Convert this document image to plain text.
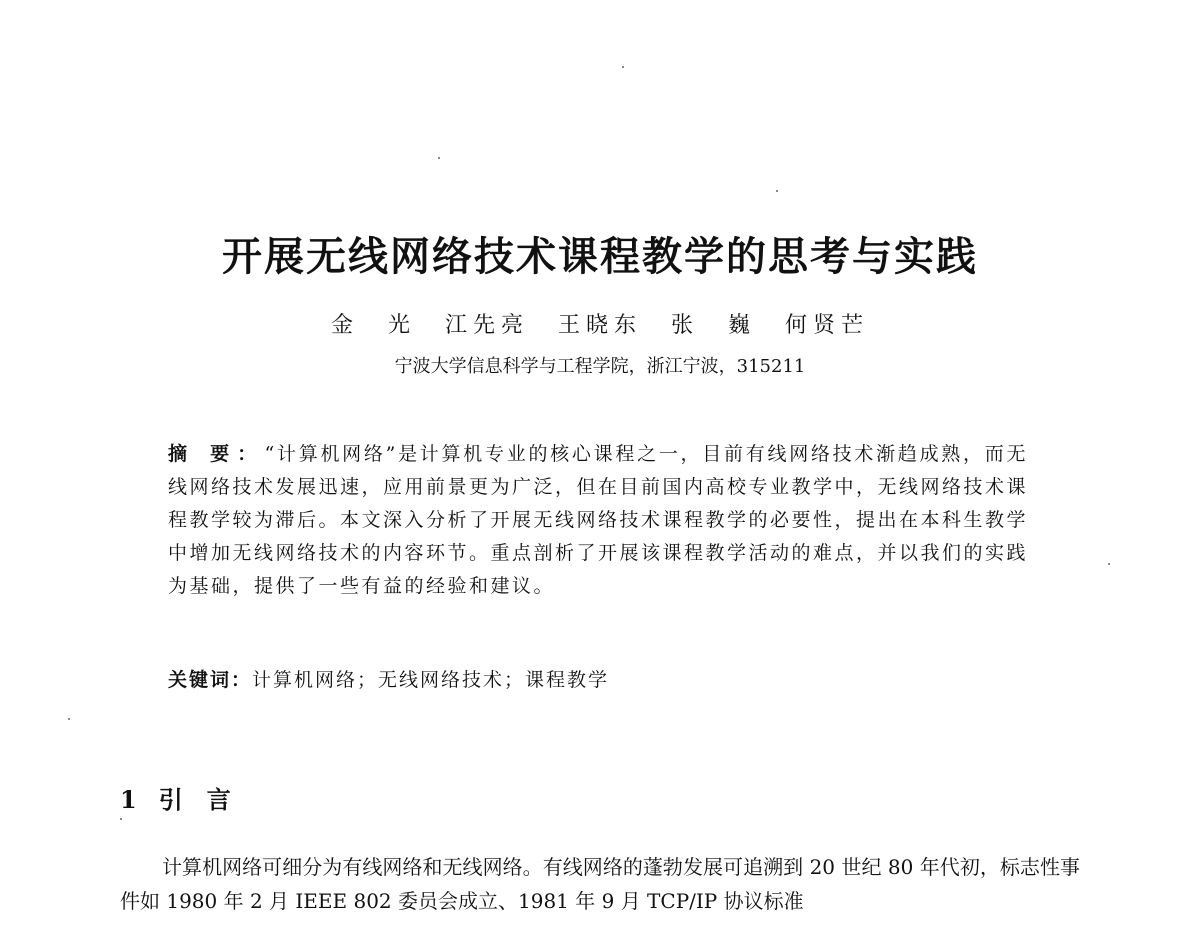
开展无线网络技术课程教学的思考与实践
金 光 江先亮 王晓东 张 巍 何贤芒
宁波大学信息科学与工程学院，浙江宁波，315211
摘 要：“计算机网络”是计算机专业的核心课程之一，目前有线网络技术渐趋成熟，而无线网络技术发展迅速，应用前景更为广泛，但在目前国内高校专业教学中，无线网络技术课程教学较为滞后。本文深入分析了开展无线网络技术课程教学的必要性，提出在本科生教学中增加无线网络技术的内容环节。重点剖析了开展该课程教学活动的难点，并以我们的实践为基础，提供了一些有益的经验和建议。
关键词：计算机网络；无线网络技术；课程教学
1 引言
计算机网络可细分为有线网络和无线网络。有线网络的蓬勃发展可追溯到 20 世纪 80 年代初，标志性事件如 1980 年 2 月 IEEE 802 委员会成立、1981 年 9 月 TCP/IP 协议标准
